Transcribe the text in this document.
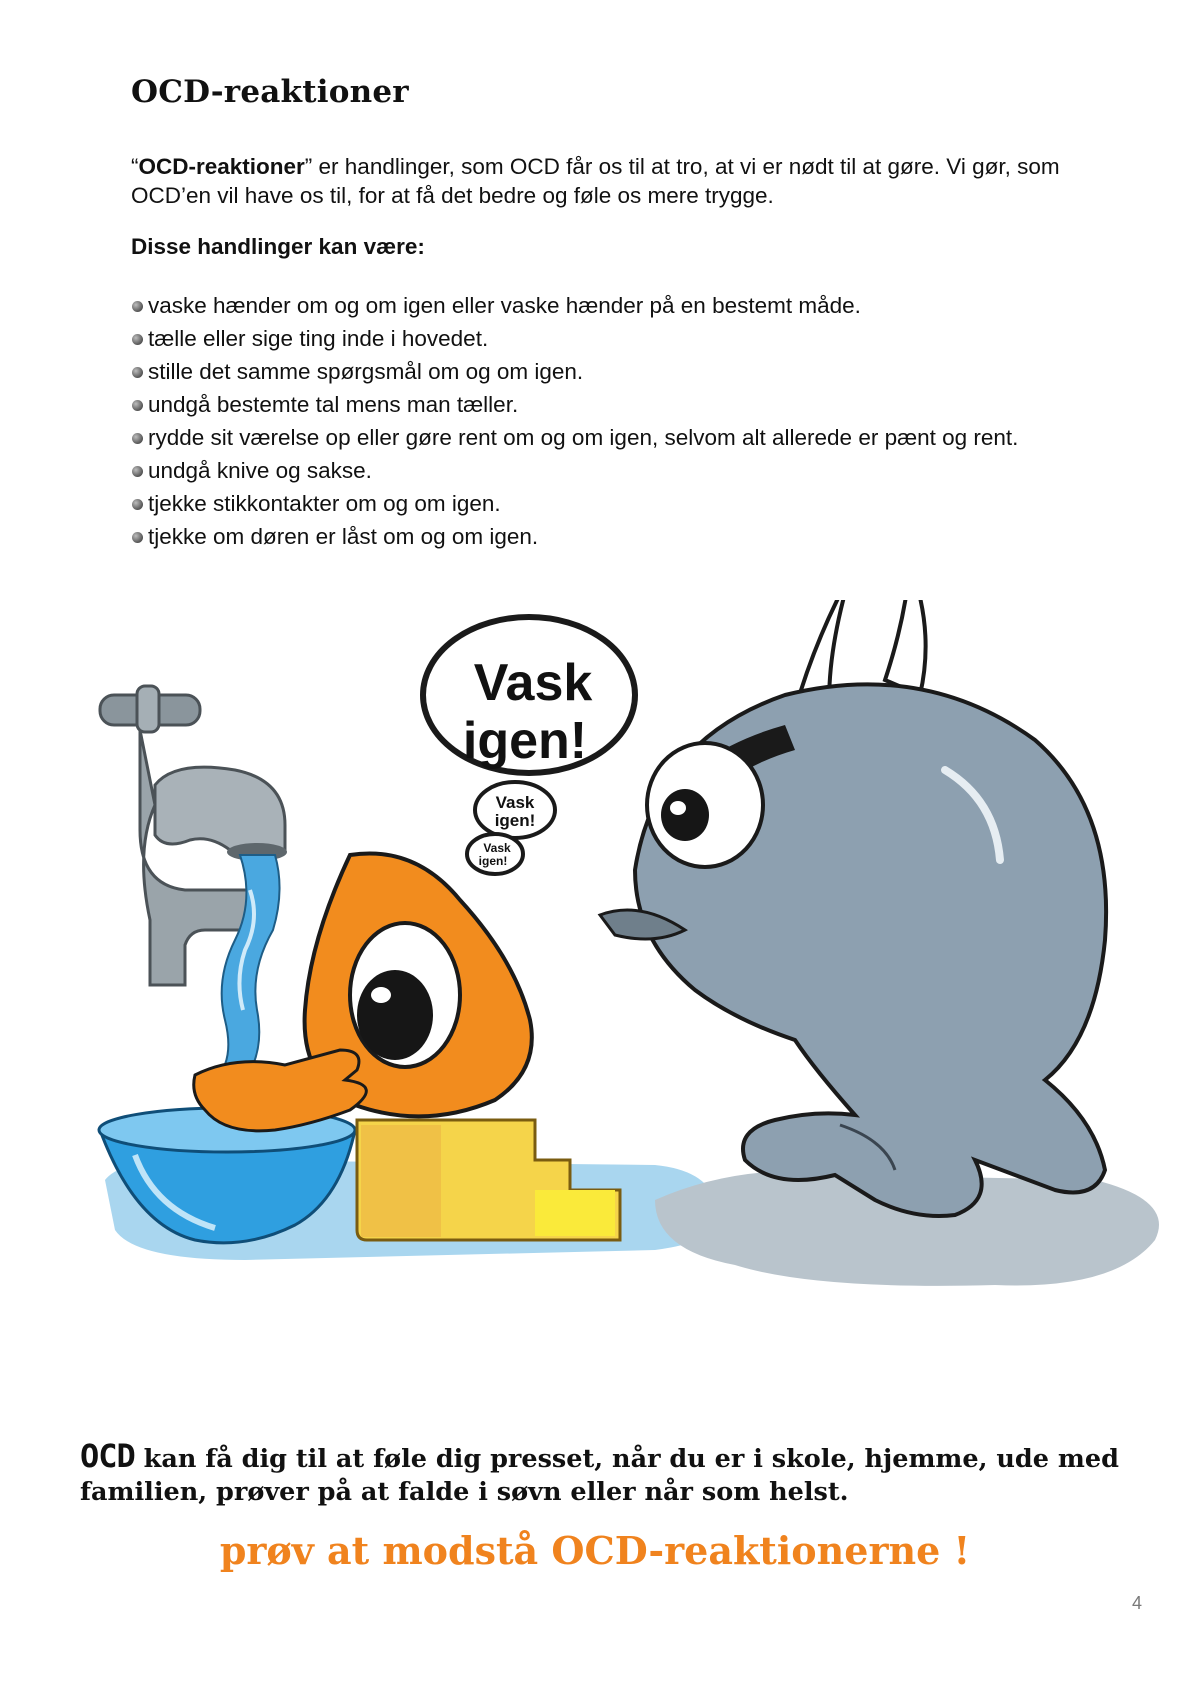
OCD-reaktioner

“OCD-reaktioner” er handlinger, som OCD får os til at tro, at vi er nødt til at gøre. Vi gør, som OCD’en vil have os til, for at få det bedre og føle os mere trygge.

Disse handlinger kan være:

vaske hænder om og om igen eller vaske hænder på en bestemt måde.
tælle eller sige ting inde i hovedet.
stille det samme spørgsmål om og om igen.
undgå bestemte tal mens man tæller.
rydde sit værelse op eller gøre rent om og om igen, selvom alt allerede er pænt og rent.
undgå knive og sakse.
tjekke stikkontakter om og om igen.
tjekke om døren er låst om og om igen.
Vask
igen!
Vask
igen!
Vask
igen!

OCD kan få dig til at føle dig presset, når du er i skole, hjemme, ude med familien, prøver på at falde i søvn eller når som helst.

prøv at modstå OCD-reaktionerne !

4
